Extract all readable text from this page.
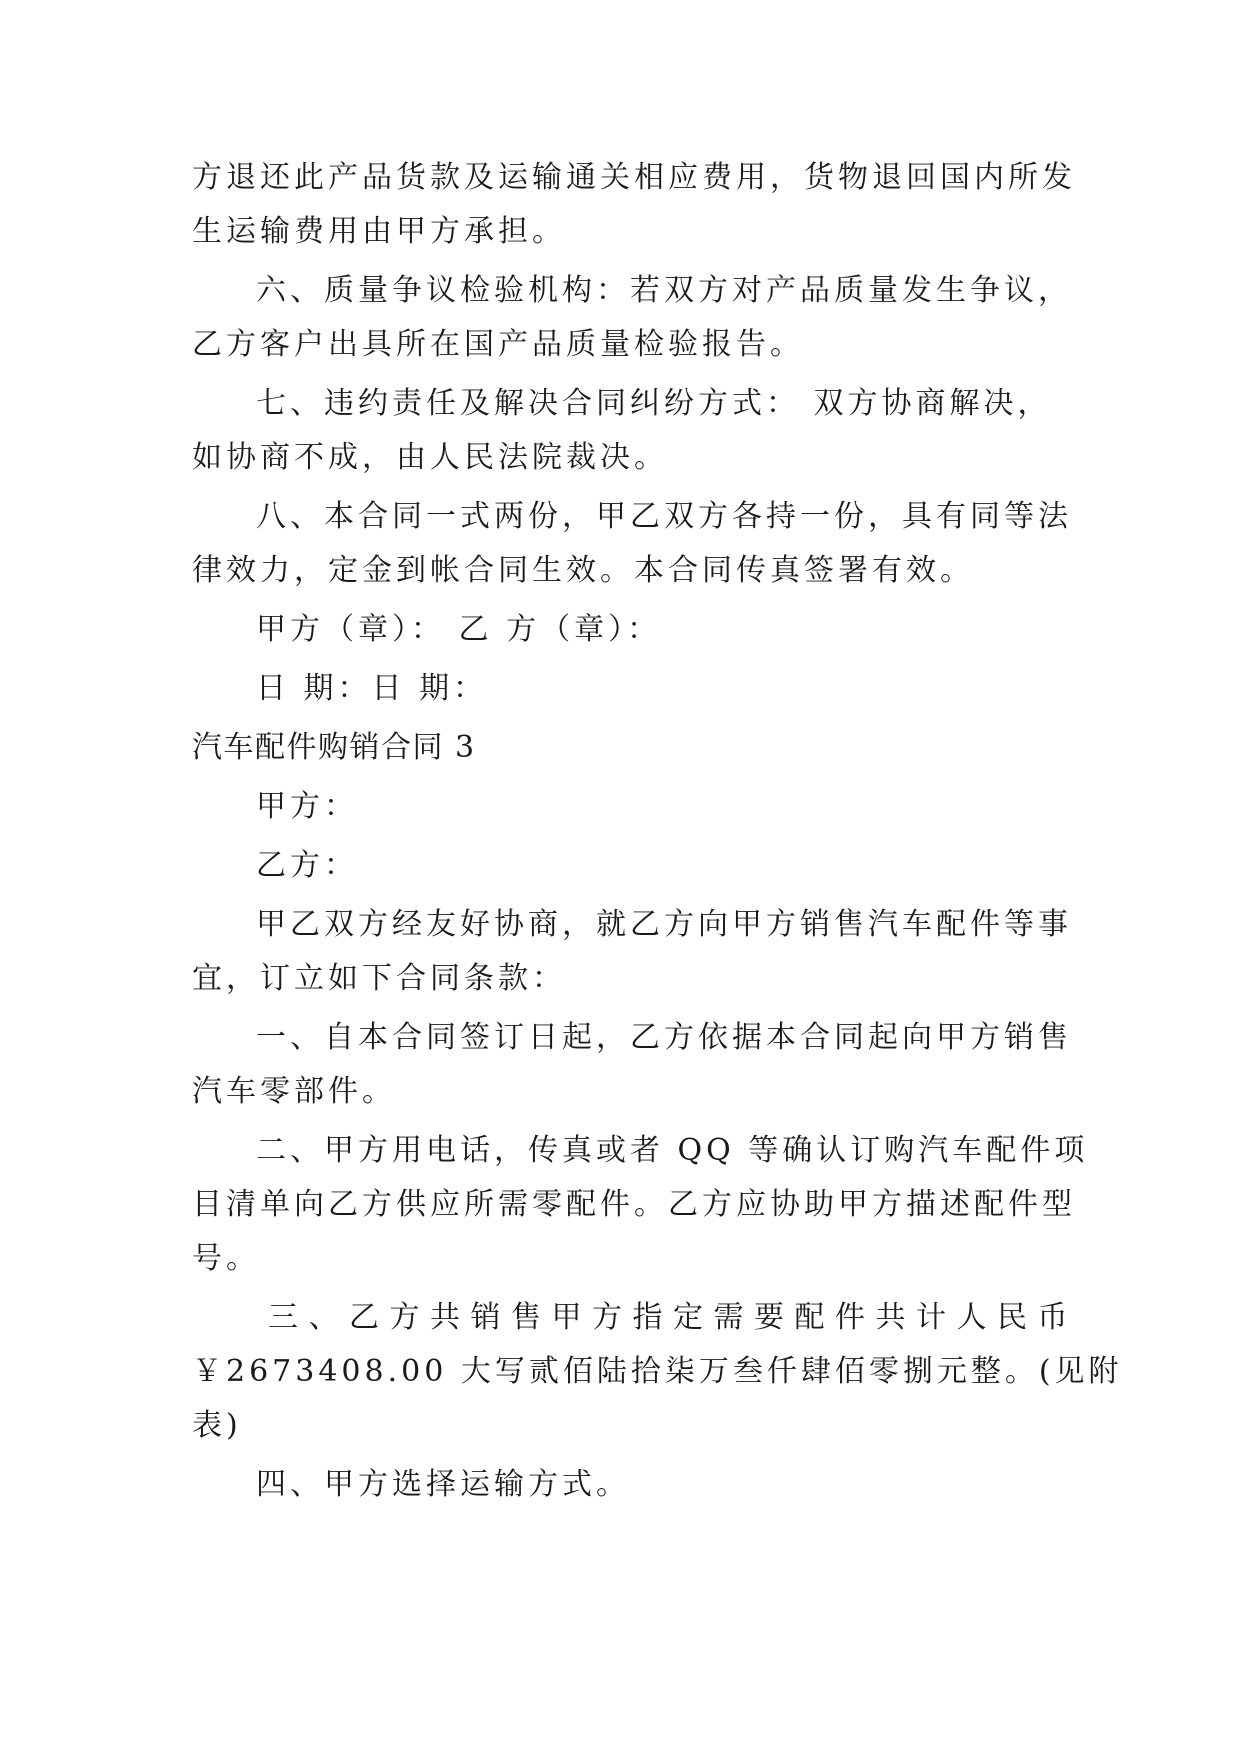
方退还此产品货款及运输通关相应费用，货物退回国内所发
生运输费用由甲方承担。
六、质量争议检验机构：若双方对产品质量发生争议，
乙方客户出具所在国产品质量检验报告。
七、违约责任及解决合同纠纷方式： 双方协商解决，
如协商不成，由人民法院裁决。
八、本合同一式两份，甲乙双方各持一份，具有同等法
律效力，定金到帐合同生效。本合同传真签署有效。
甲方（章）： 乙 方（章）：
日 期：日 期：
汽车配件购销合同 3
甲方：
乙方：
甲乙双方经友好协商，就乙方向甲方销售汽车配件等事
宜，订立如下合同条款：
一、自本合同签订日起，乙方依据本合同起向甲方销售
汽车零部件。
二、甲方用电话，传真或者 QQ 等确认订购汽车配件项
目清单向乙方供应所需零配件。乙方应协助甲方描述配件型
号。
三、乙方共销售甲方指定需要配件共计人民币
￥2673408.00 大写贰佰陆拾柒万叁仟肆佰零捌元整。(见附
表)
四、甲方选择运输方式。
